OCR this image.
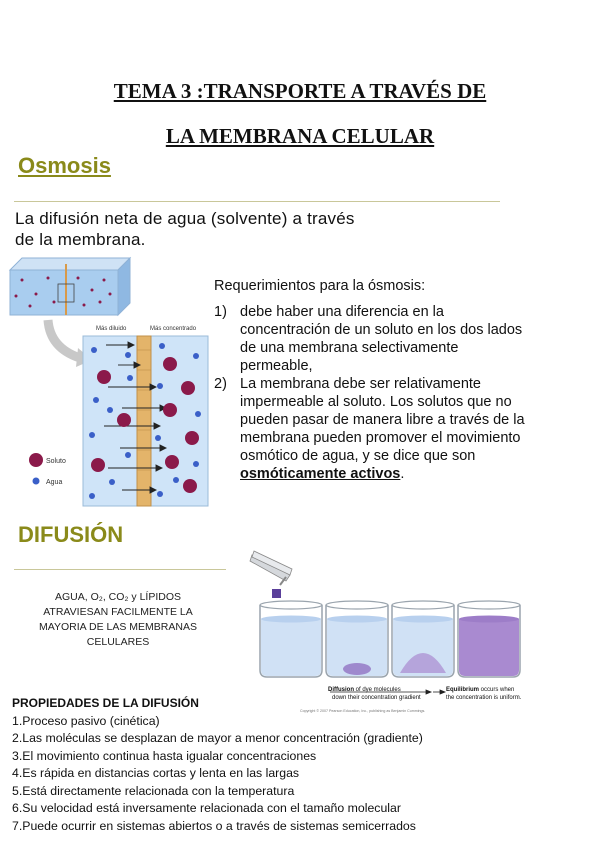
TEMA 3 :TRANSPORTE A TRAVÉS DE
LA MEMBRANA CELULAR
Osmosis
La difusión neta de agua (solvente) a través
de la membrana.
Más diluido	Más concentrado
Soluto
Agua
Requerimientos para la ósmosis:
1) debe haber una diferencia en la concentración de un soluto en los dos lados de una membrana selectivamente permeable,
2) La membrana debe ser relativamente impermeable al soluto. Los solutos que no pueden pasar de manera libre a través de la membrana pueden promover el movimiento osmótico de agua, y se dice que son osmóticamente activos.
DIFUSIÓN
AGUA, O₂, CO₂ y LÍPIDOS
ATRAVIESAN FACILMENTE LA
MAYORIA DE LAS MEMBRANAS
CELULARES
Diffusion of dye molecules
down their concentration gradient
Equilibrium occurs when
the concentration is uniform.
Copyright © 2007 Pearson Education, Inc., publishing as Benjamin Cummings.
PROPIEDADES DE LA DIFUSIÓN
1.Proceso pasivo (cinética)
2.Las moléculas se desplazan de mayor a menor concentración (gradiente)
3.El movimiento continua hasta igualar concentraciones
4.Es rápida en distancias cortas y lenta en las largas
5.Está directamente relacionada con la temperatura
6.Su velocidad está inversamente relacionada con el tamaño molecular
7.Puede ocurrir en sistemas abiertos o a través de sistemas semicerrados
